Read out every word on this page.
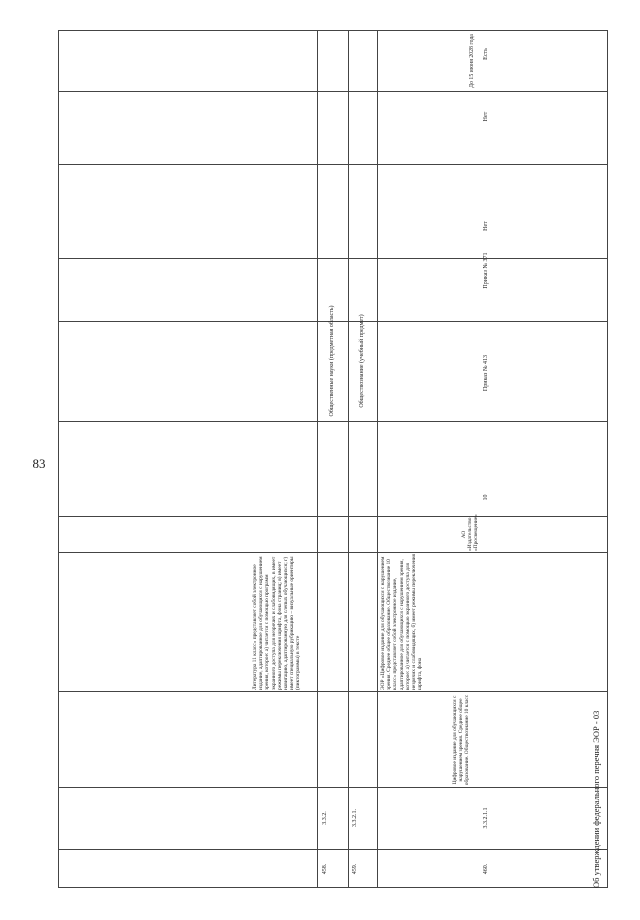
83
458.
3.3.2.
Литература 11 класс» представляет собой электронное издание, адаптированное для обучающихся с нарушением зрения, которое: а) читается с помощью программ экранного доступа для незрячих и слабовидящих, в имеет режимы переключения шрифта, фона страниц; в) имеет навигацию, адаптированную для слепых обучающихся; г) имеет специальную рубрикацию – визуальные ориентиры (пиктограммы) в тексте
Общественные науки (предметная область)
459.
3.3.2.1.
Обществознание (учебный предмет)
460.
3.3.2.1.1
Цифровое издание для обучающихся с нарушением зрения. Среднее общее образование. Обществознание 10 класс
ЭОР «Цифровое издание для обучающихся с нарушением зрения. Среднее общее образование. Обществознание 10 класс» представляет собой электронное издание, адаптированное для обучающихся с нарушением зрения, которое: а) читается с помощью экранного доступа для незрячих и слабовидящих, б) имеет режимы переключения шрифта, фона
АО «Издательство «Просвещение»
10
Приказ № 413
Приказ № 371
Нет
Нет
Есть
До 15 июня 2028 года
Об утверждении федерального перечня ЭОР - 03
